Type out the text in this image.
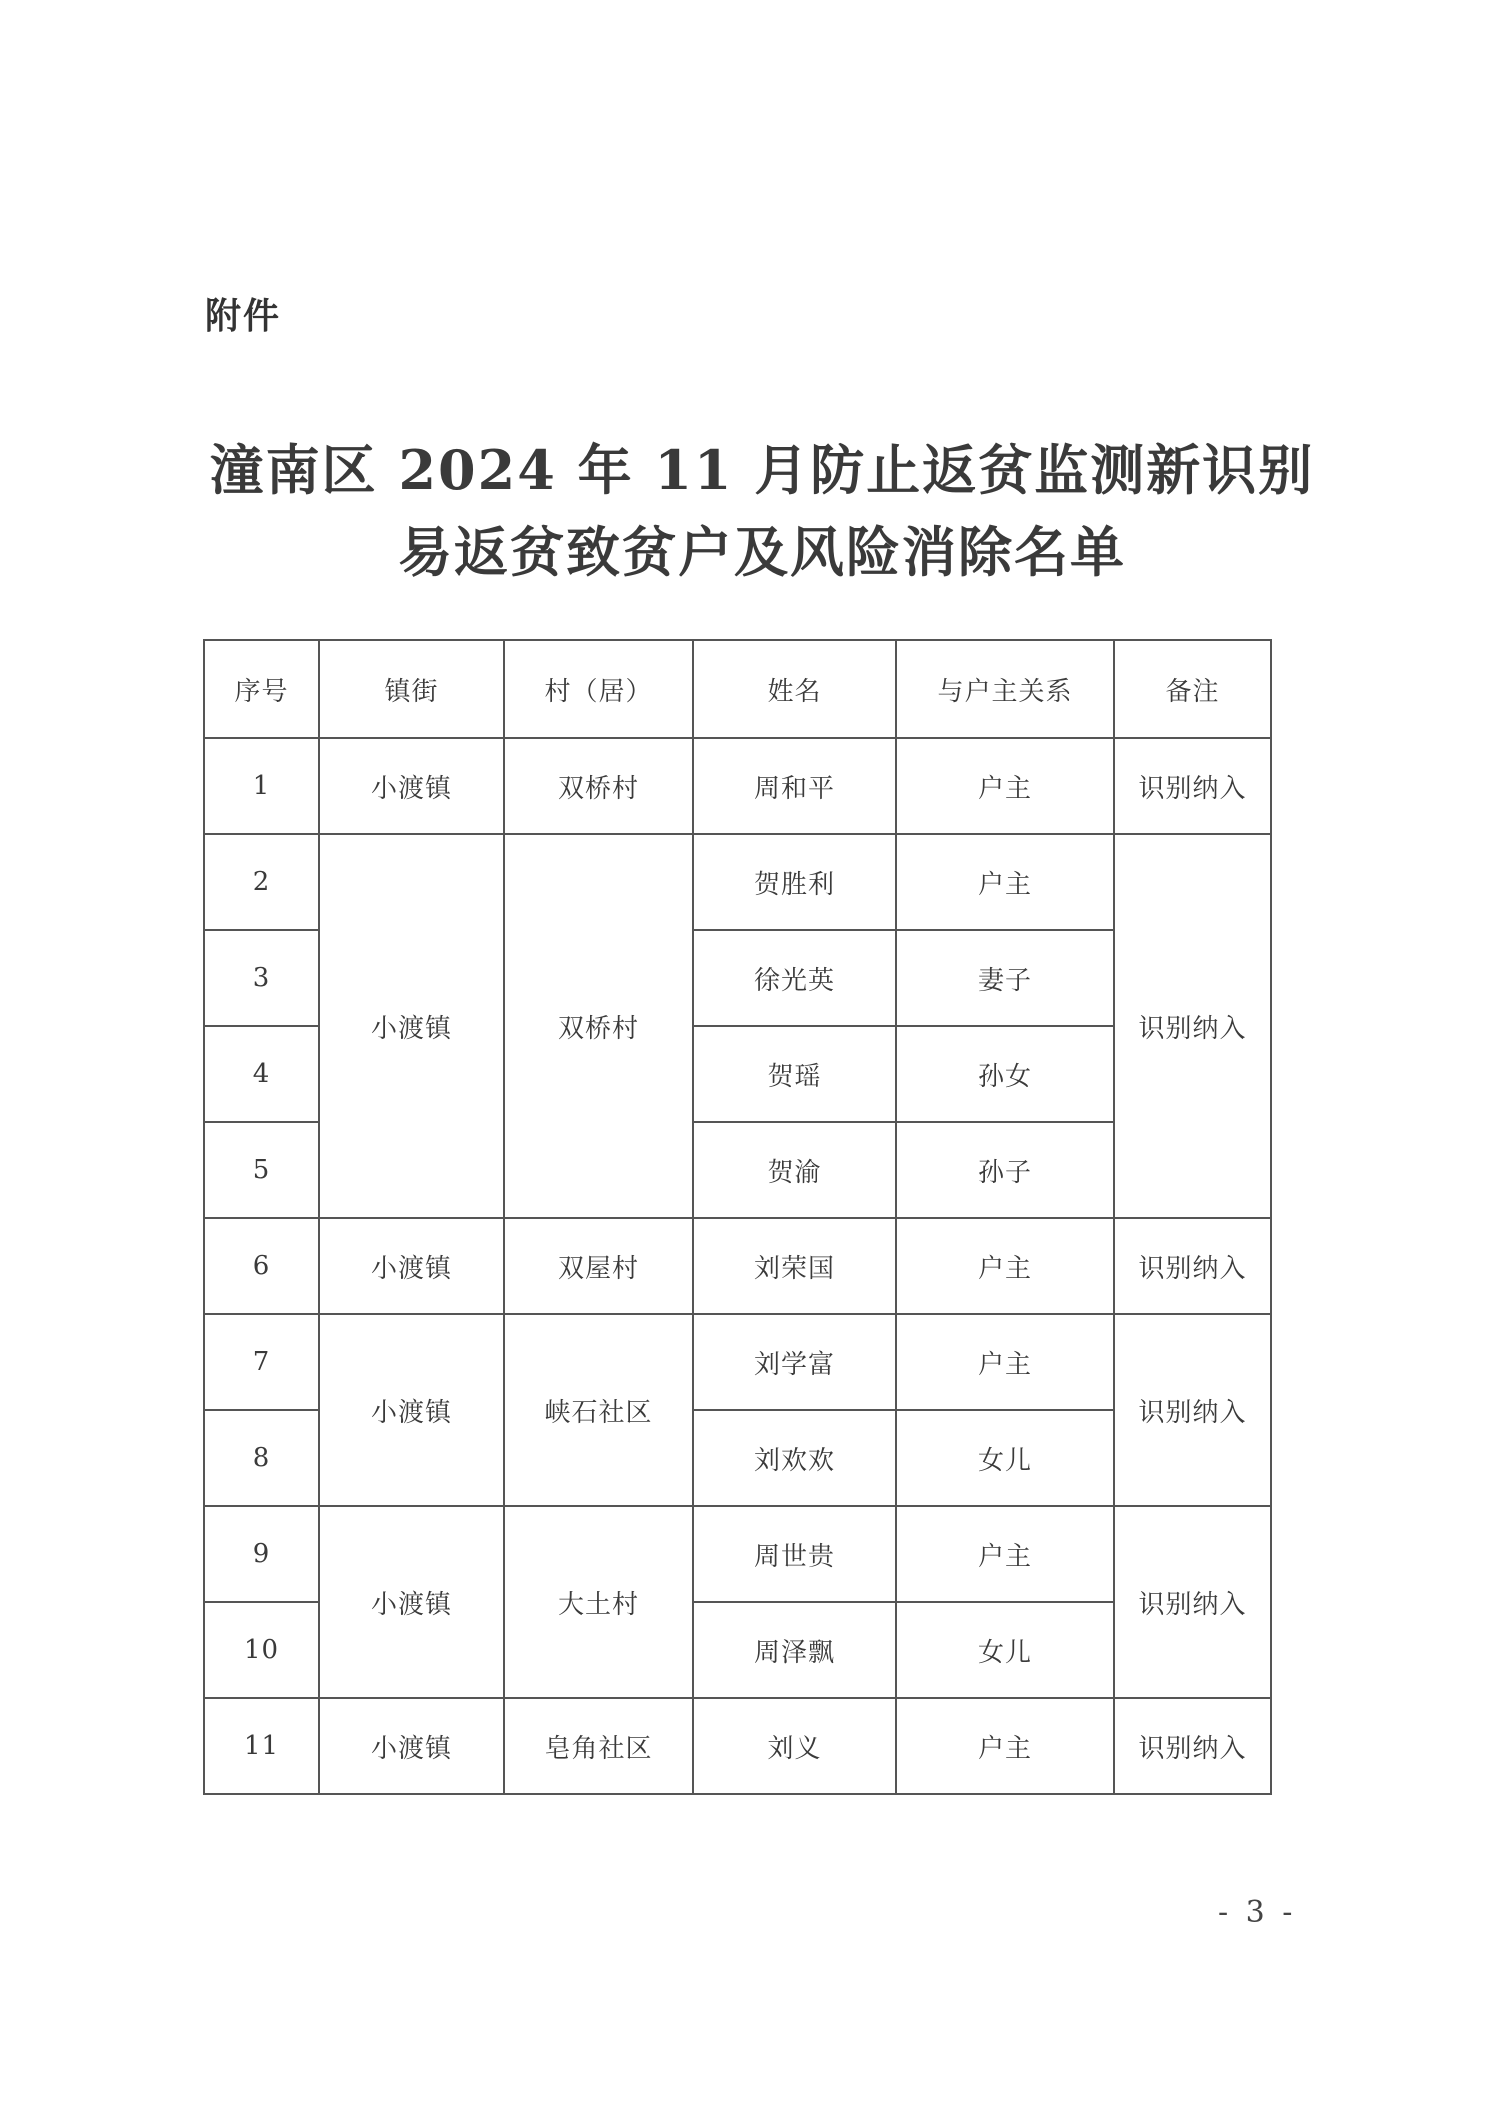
附件
潼南区 2024 年 11 月防止返贫监测新识别
易返贫致贫户及风险消除名单
序号	镇街	村（居）	姓名	与户主关系	备注
1	小渡镇	双桥村	周和平	户主	识别纳入
2	小渡镇	双桥村	贺胜利	户主	识别纳入
3			徐光英	妻子	
4			贺瑶	孙女	
5			贺渝	孙子	
6	小渡镇	双屋村	刘荣国	户主	识别纳入
7	小渡镇	峡石社区	刘学富	户主	识别纳入
8			刘欢欢	女儿	
9	小渡镇	大土村	周世贵	户主	识别纳入
10			周泽飘	女儿	
11	小渡镇	皂角社区	刘义	户主	识别纳入
- 3 -
